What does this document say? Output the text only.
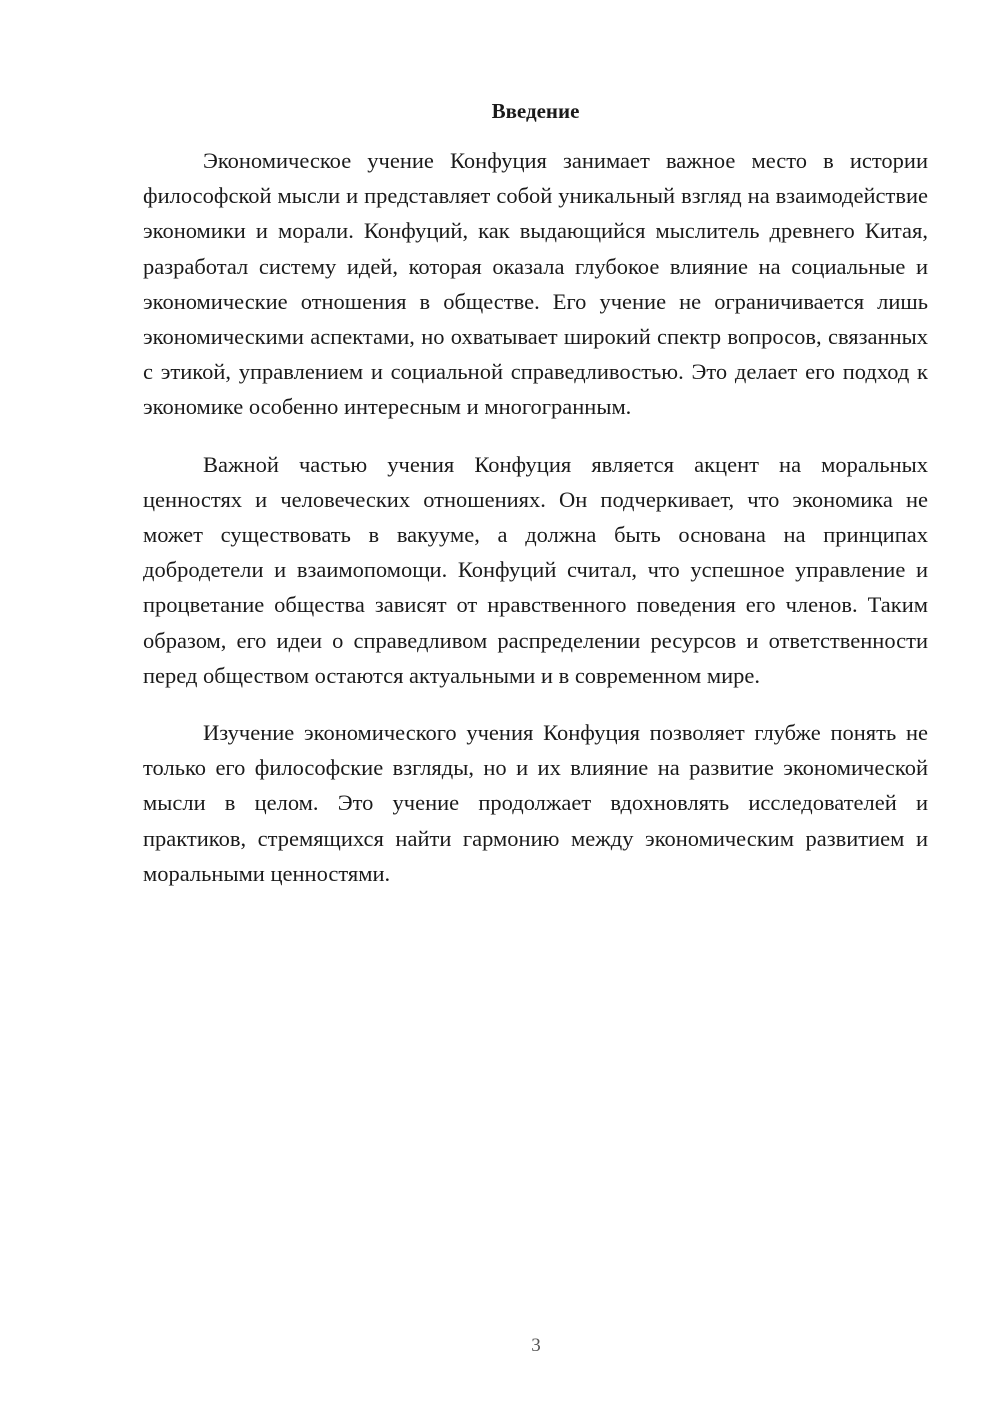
Введение

Экономическое учение Конфуция занимает важное место в истории философской мысли и представляет собой уникальный взгляд на взаимодействие экономики и морали. Конфуций, как выдающийся мыслитель древнего Китая, разработал систему идей, которая оказала глубокое влияние на социальные и экономические отношения в обществе. Его учение не ограничивается лишь экономическими аспектами, но охватывает широкий спектр вопросов, связанных с этикой, управлением и социальной справедливостью. Это делает его подход к экономике особенно интересным и многогранным.

Важной частью учения Конфуция является акцент на моральных ценностях и человеческих отношениях. Он подчеркивает, что экономика не может существовать в вакууме, а должна быть основана на принципах добродетели и взаимопомощи. Конфуций считал, что успешное управление и процветание общества зависят от нравственного поведения его членов. Таким образом, его идеи о справедливом распределении ресурсов и ответственности перед обществом остаются актуальными и в современном мире.

Изучение экономического учения Конфуция позволяет глубже понять не только его философские взгляды, но и их влияние на развитие экономической мысли в целом. Это учение продолжает вдохновлять исследователей и практиков, стремящихся найти гармонию между экономическим развитием и моральными ценностями.

3
